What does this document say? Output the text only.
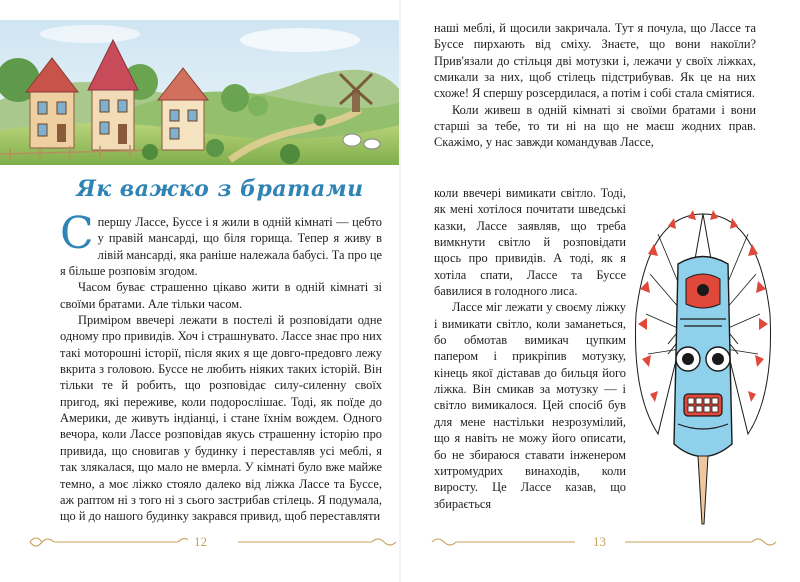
Як важко з братами

Спершу Лассе, Буссе і я жили в одній кімнаті — цебто у правій мансарді, що біля горища. Тепер я живу в лівій мансарді, яка раніше належала бабусі. Та про це я більше розповім згодом.

Часом буває страшенно цікаво жити в одній кімнаті зі своїми братами. Але тільки часом.

Приміром ввечері лежати в постелі й розповідати одне одному про привидів. Хоч і страшнувато. Лассе знає про них такі моторошні історії, після яких я ще довго-предовго лежу вкрита з головою. Буссе не любить ніяких таких історій. Він тільки те й робить, що розповідає силу-силенну своїх пригод, які переживе, коли подорослішає. Тоді, як поїде до Америки, де живуть індіанці, і стане їхнім вождем. Одного вечора, коли Лассе розповідав якусь страшенну історію про привида, що сновигав у будинку і переставляв усі меблі, я так злякалася, що мало не вмерла. У кімнаті було вже майже темно, а моє ліжко стояло далеко від ліжка Лассе та Буссе, аж раптом ні з того ні з сього застрибав стілець. Я подумала, що й до нашого будинку закрався привид, щоб переставляти

12

наші меблі, й щосили закричала. Тут я почула, що Лассе та Буссе пирхають від сміху. Знаєте, що вони накоїли? Прив'язали до стільця дві мотузки і, лежачи у своїх ліжках, смикали за них, щоб стілець підстрибував. Як це на них схоже! Я спершу розсердилася, а потім і собі стала сміятися.

Коли живеш в одній кімнаті зі своїми братами і вони старші за тебе, то ти ні на що не маєш жодних прав. Скажімо, у нас завжди командував Лассе,

коли ввечері вимикати світло. Тоді, як мені хотілося почитати шведські казки, Лассе заявляв, що треба вимкнути світло й розповідати щось про привидів. А тоді, як я хотіла спати, Лассе та Буссе бавилися в голодного лиса.

Лассе міг лежати у своєму ліжку і вимикати світло, коли заманеться, бо обмотав вимикач цупким папером і прикріпив мотузку, кінець якої діставав до бильця його ліжка. Він смикав за мотузку — і світло вимикалося. Цей спосіб був для мене настільки незрозумілий, що я навіть не можу його описати, бо не збираюся ставати інженером хитромудрих винаходів, коли виросту. Це Лассе казав, що збирається

13
